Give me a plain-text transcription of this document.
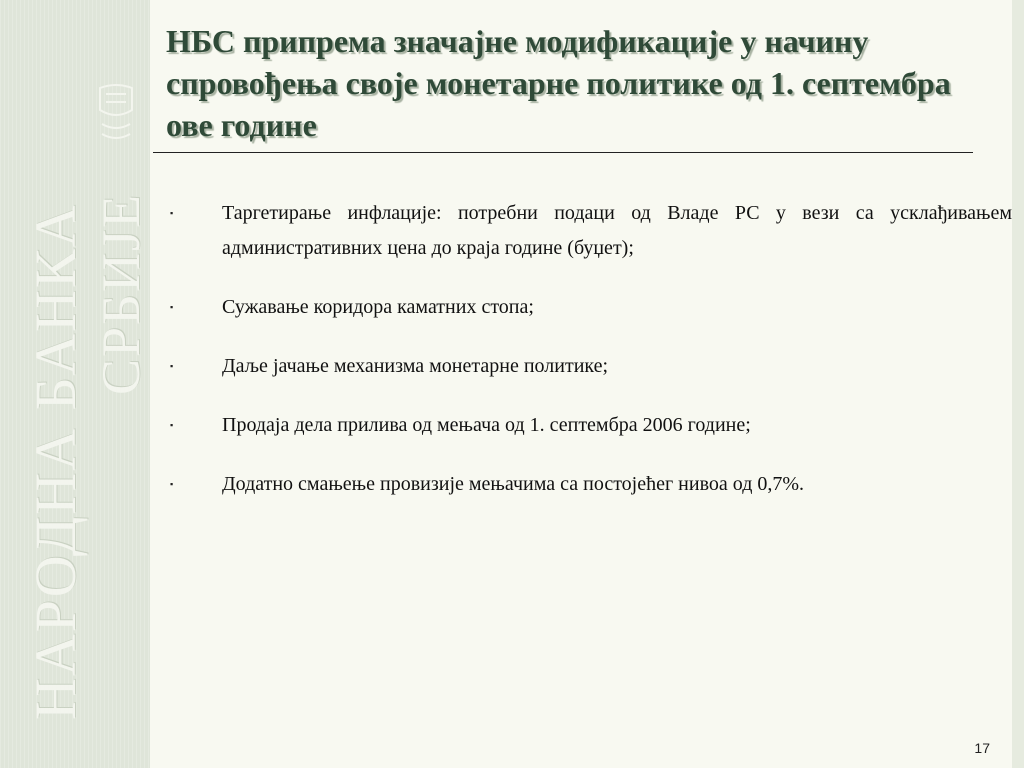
НАРОДНА БАНКА СРБИЈЕ
НБС припрема значајне модификације у начину спровођења своје монетарне политике од 1. септембра ове године
▪	Таргетирање инфлације: потребни подаци од Владе РС у вези са усклађивањем административних цена до краја године (буџет);
▪	Сужавање коридора каматних стопа;
▪	Даље јачање механизма монетарне политике;
▪	Продаја дела прилива од мењача од 1. септембра 2006 године;
▪	Додатно смањење провизије мењачима са постојећег нивоа од 0,7%.
17
